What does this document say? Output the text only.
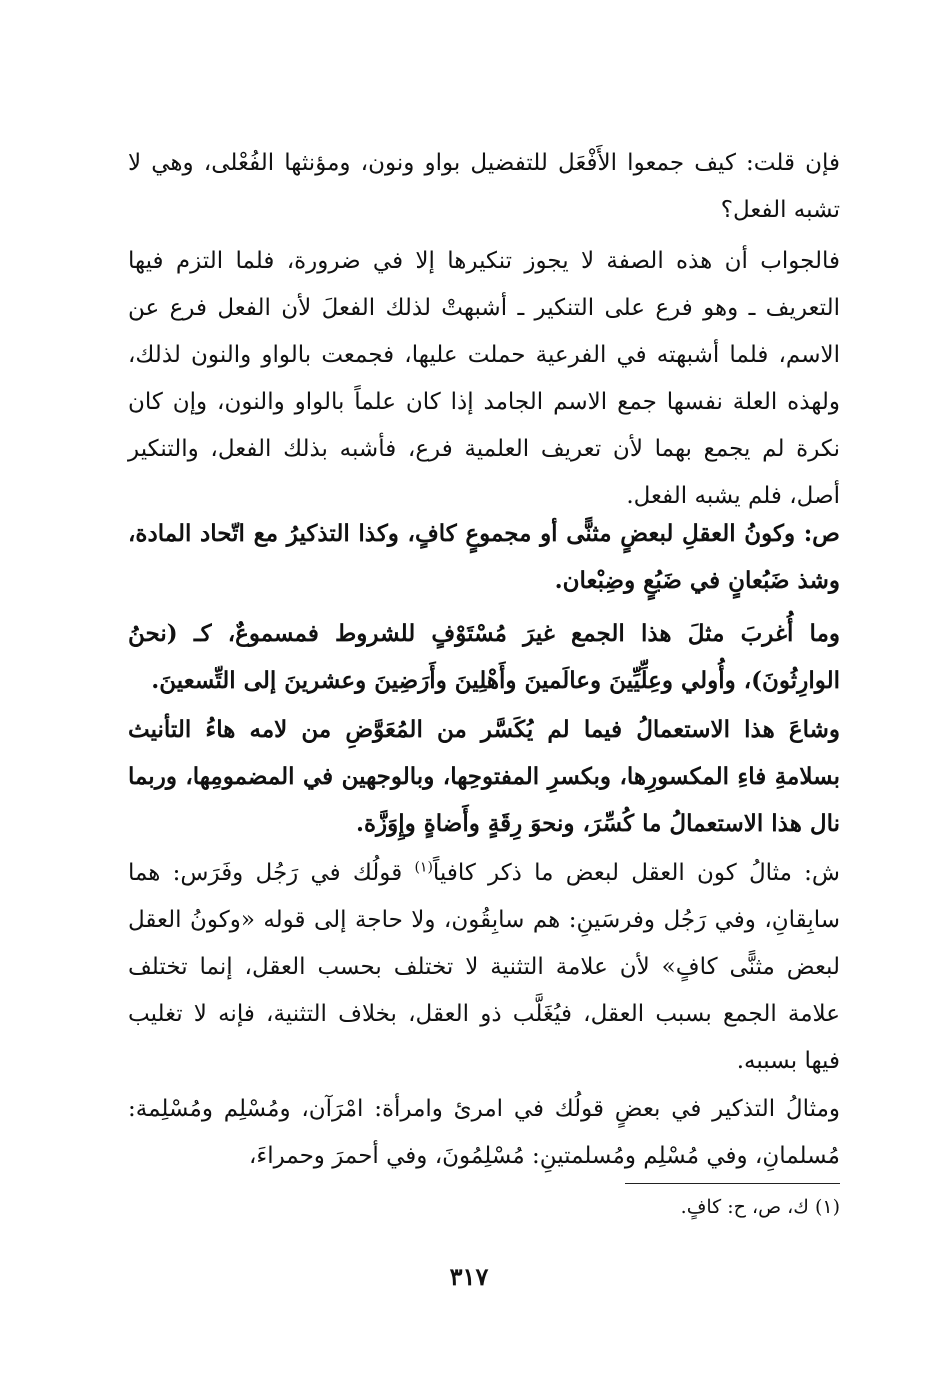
فإن قلت: كيف جمعوا الأَفْعَل للتفضيل بواو ونون، ومؤنثها الفُعْلى، وهي لا تشبه الفعل؟

فالجواب أن هذه الصفة لا يجوز تنكيرها إلا في ضرورة، فلما التزم فيها التعريف ـ وهو فرع على التنكير ـ أشبهتْ لذلك الفعلَ لأن الفعل فرع عن الاسم، فلما أشبهته في الفرعية حملت عليها، فجمعت بالواو والنون لذلك، ولهذه العلة نفسها جمع الاسم الجامد إذا كان علماً بالواو والنون، وإن كان نكرة لم يجمع بهما لأن تعريف العلمية فرع، فأشبه بذلك الفعل، والتنكير أصل، فلم يشبه الفعل.

ص: وكونُ العقلِ لبعضٍ مثنًّى أو مجموعٍ كافٍ، وكذا التذكيرُ مع اتّحاد المادة، وشذ ضَبُعانٍ في ضَبُعٍ وضِبْعان.

وما أُغربَ مثلَ هذا الجمع غيرَ مُسْتَوْفٍ للشروط فمسموعٌ، كـ (نحنُ الوارِثُونَ)، وأُولي وعِلِّيِّينَ وعالَمينَ وأَهْلِينَ وأَرَضِينَ وعشرينَ إلى التِّسعينَ.

وشاعَ هذا الاستعمالُ فيما لم يُكَسَّر من المُعَوَّضِ من لامه هاءُ التأنيث بسلامةِ فاءِ المكسورِها، وبكسرِ المفتوحِها، وبالوجهين في المضمومِها، وربما نال هذا الاستعمالُ ما كُسِّرَ، ونحوَ رِقَةٍ وأَضاةٍ وإِوَزَّة.

ش: مثالُ كون العقل لبعض ما ذكر كافياً$^{(١)}$ قولُك في رَجُل وفَرَس: هما سابِقانِ، وفي رَجُل وفرسَينِ: هم سابِقُون، ولا حاجة إلى قوله «وكونُ العقل لبعض مثنًّى كافٍ» لأن علامة التثنية لا تختلف بحسب العقل، إنما تختلف علامة الجمع بسبب العقل، فيُغَلَّب ذو العقل، بخلاف التثنية، فإنه لا تغليب فيها بسببه.

ومثالُ التذكير في بعضٍ قولُك في امرئ وامرأة: امْرَآن، ومُسْلِم ومُسْلِمة: مُسلمانِ، وفي مُسْلِم ومُسلمتينِ: مُسْلِمُونَ، وفي أحمرَ وحمراءَ،

(١) ك، ص، ح: كافٍ.
٣١٧
